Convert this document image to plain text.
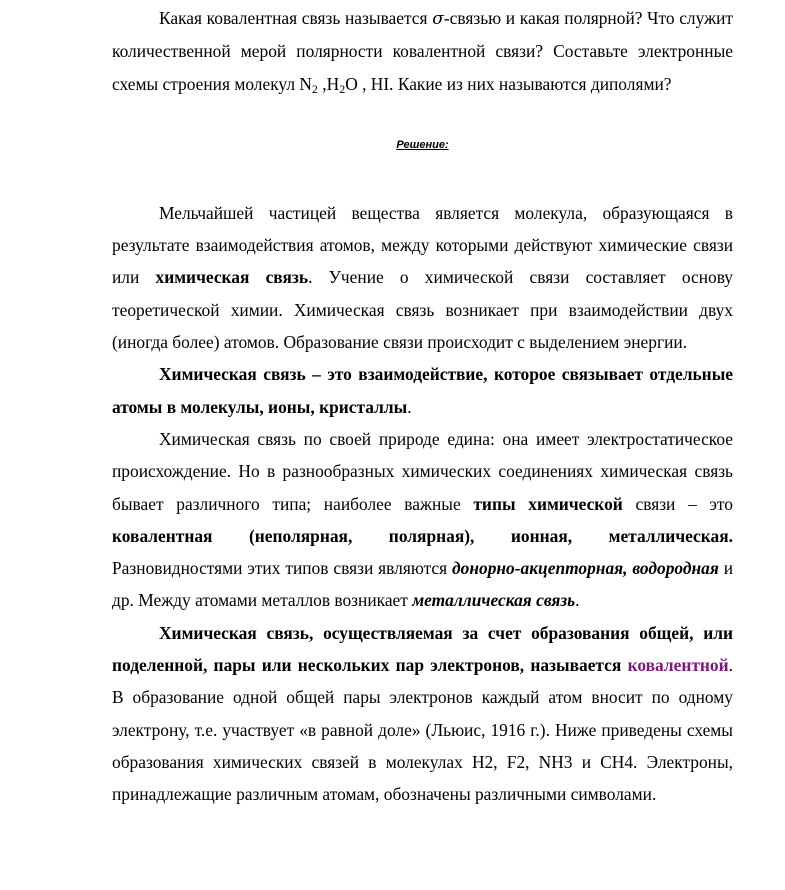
Какая ковалентная связь называется σ-связью и какая полярной? Что служит количественной мерой полярности ковалентной связи? Составьте электронные схемы строения молекул $N_2$ $,H_2O$ , HI. Какие из них называются диполями?

Решение:

Мельчайшей частицей вещества является молекула, образующаяся в результате взаимодействия атомов, между которыми действуют химические связи или химическая связь. Учение о химической связи составляет основу теоретической химии. Химическая связь возникает при взаимодействии двух (иногда более) атомов. Образование связи происходит с выделением энергии.

Химическая связь – это взаимодействие, которое связывает отдельные атомы в молекулы, ионы, кристаллы.

Химическая связь по своей природе едина: она имеет электростатическое происхождение. Но в разнообразных химических соединениях химическая связь бывает различного типа; наиболее важные типы химической связи – это ковалентная (неполярная, полярная), ионная, металлическая. Разновидностями этих типов связи являются донорно-акцепторная, водородная и др. Между атомами металлов возникает металлическая связь.

Химическая связь, осуществляемая за счет образования общей, или поделенной, пары или нескольких пар электронов, называется ковалентной. В образование одной общей пары электронов каждый атом вносит по одному электрону, т.е. участвует «в равной доле» (Льюис, 1916 г.). Ниже приведены схемы образования химических связей в молекулах H2, F2, NH3 и CH4. Электроны, принадлежащие различным атомам, обозначены различными символами.
